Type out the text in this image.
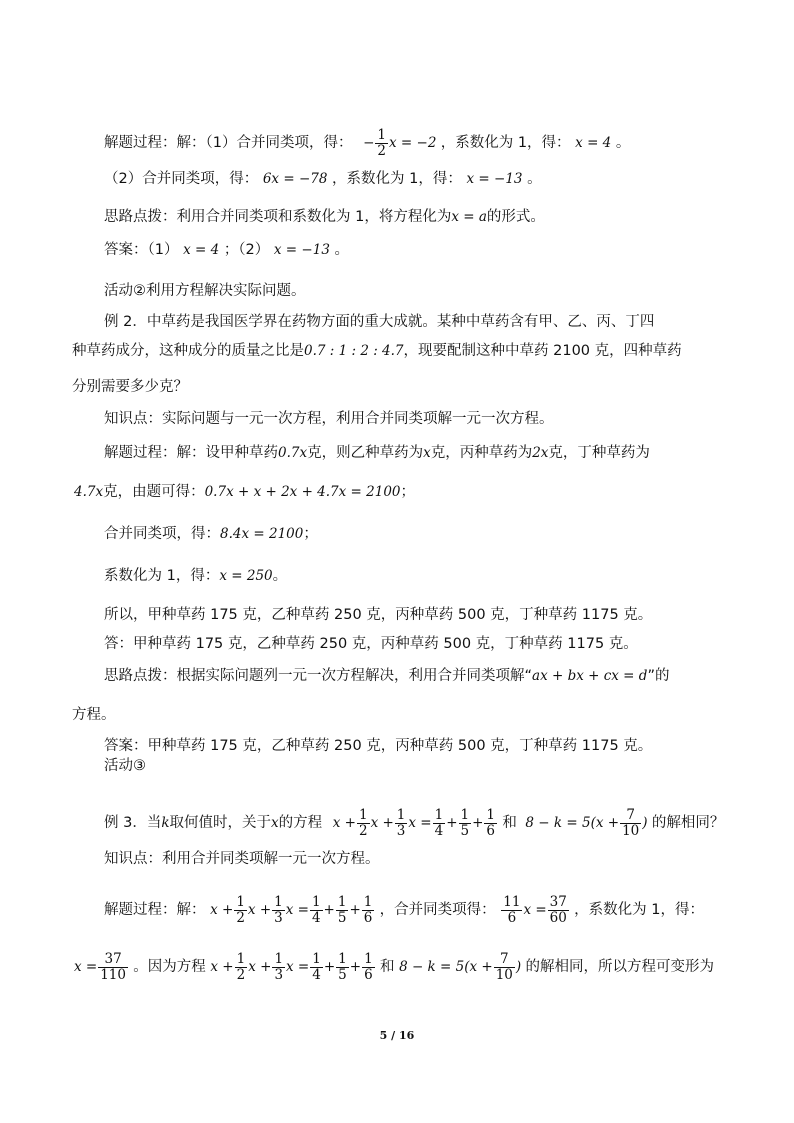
解题过程：解：（1）合并同类项，得： − $\frac{1}{2}$ x = −2 ，系数化为 1，得： x = 4 。
（2）合并同类项，得： 6x = −78 ，系数化为 1，得： x = −13 。
思路点拨：利用合并同类项和系数化为 1，将方程化为x = a的形式。
答案：（1） x = 4 ；（2） x = −13 。
活动②利用方程解决实际问题。
例 2．中草药是我国医学界在药物方面的重大成就。某种中草药含有甲、乙、丙、丁四
种草药成分，这种成分的质量之比是0.7 : 1 : 2 : 4.7，现要配制这种中草药 2100 克，四种草药
分别需要多少克？
知识点：实际问题与一元一次方程，利用合并同类项解一元一次方程。
解题过程：解：设甲种草药0.7x克，则乙种草药为x克，丙种草药为2x克，丁种草药为
4.7x克，由题可得：0.7x + x + 2x + 4.7x = 2100；
合并同类项，得：8.4x = 2100；
系数化为 1，得：x = 250。
所以，甲种草药 175 克，乙种草药 250 克，丙种草药 500 克，丁种草药 1175 克。
答：甲种草药 175 克，乙种草药 250 克，丙种草药 500 克，丁种草药 1175 克。
思路点拨：根据实际问题列一元一次方程解决，利用合并同类项解“ax + bx + cx = d”的
方程。
答案：甲种草药 175 克，乙种草药 250 克，丙种草药 500 克，丁种草药 1175 克。
活动③
例 3．当k取何值时，关于x的方程 $x + \frac{1}{2}$ $x + \frac{1}{3}$ $x = \frac{1}{4} + \frac{1}{5} + \frac{1}{6}$ 和 $8 - k = 5(x + \frac{7}{10}$ ) 的解相同？
知识点：利用合并同类项解一元一次方程。
解题过程：解： $x + \frac{1}{2}$ $x + \frac{1}{3}$ $x = \frac{1}{4} + \frac{1}{5} + \frac{1}{6}$ ，合并同类项得： $\frac{11}{6}$ $x = \frac{37}{60}$ ，系数化为 1，得：
$x = \frac{37}{110}$ 。因为方程 $x + \frac{1}{2}$ $x + \frac{1}{3}$ $x = \frac{1}{4} + \frac{1}{5} + \frac{1}{6}$ 和 $8 - k = 5(x + \frac{7}{10}$ ) 的解相同，所以方程可变形为
5 / 16
